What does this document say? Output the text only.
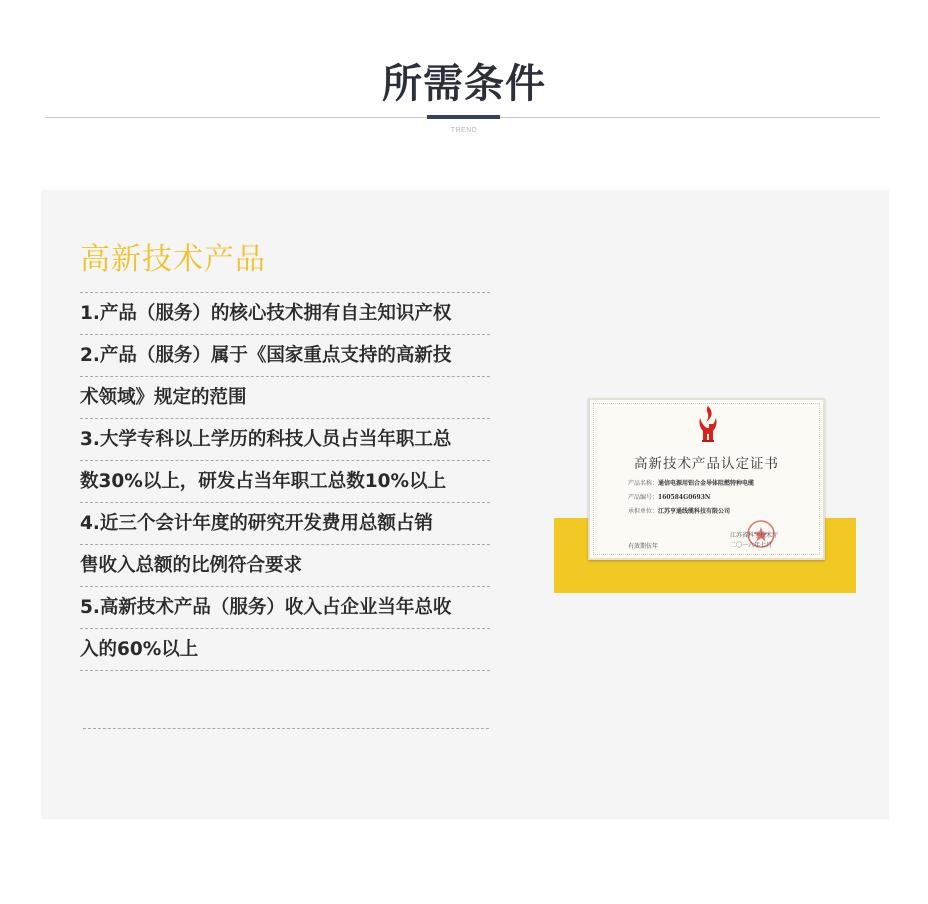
所需条件
TREND
高新技术产品
1.产品（服务）的核心技术拥有自主知识产权
2.产品（服务）属于《国家重点支持的高新技
术领域》规定的范围
3.大学专科以上学历的科技人员占当年职工总
数30%以上，研发占当年职工总数10%以上
4.近三个会计年度的研究开发费用总额占销
售收入总额的比例符合要求
5.高新技术产品（服务）收入占企业当年总收
入的60%以上
高新技术产品认定证书
产品名称：通信电源用铝合金导体阻燃特种电缆
产品编号：160584G0693N
承担单位：江苏亨通线缆科技有限公司
江苏省科学技术厅
二〇一六年七月
有效期伍年
